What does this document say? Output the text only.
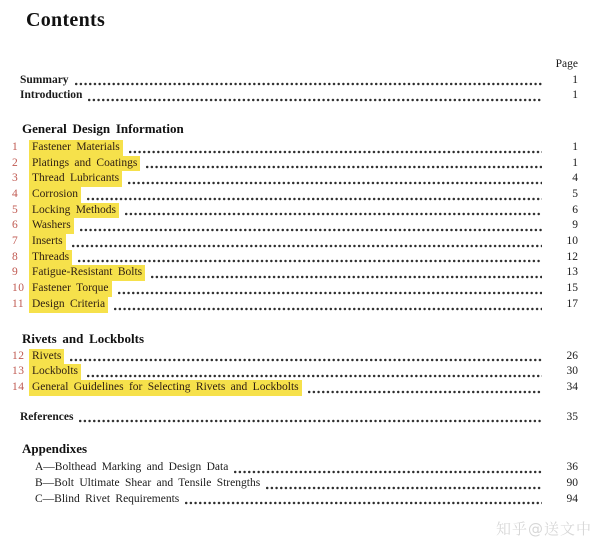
Contents
Page
Summary	1
Introduction	1
General Design Information
1	Fastener Materials	1
2	Platings and Coatings	1
3	Thread Lubricants	4
4	Corrosion	5
5	Locking Methods	6
6	Washers	9
7	Inserts	10
8	Threads	12
9	Fatigue-Resistant Bolts	13
10 Fastener Torque	15
11 Design Criteria	17
Rivets and Lockbolts
12 Rivets	26
13 Lockbolts	30
14 General Guidelines for Selecting Rivets and Lockbolts	34
References	35
Appendixes
A—Bolthead Marking and Design Data	36
B—Bolt Ultimate Shear and Tensile Strengths	90
C—Blind Rivet Requirements	94
知乎@送文中
